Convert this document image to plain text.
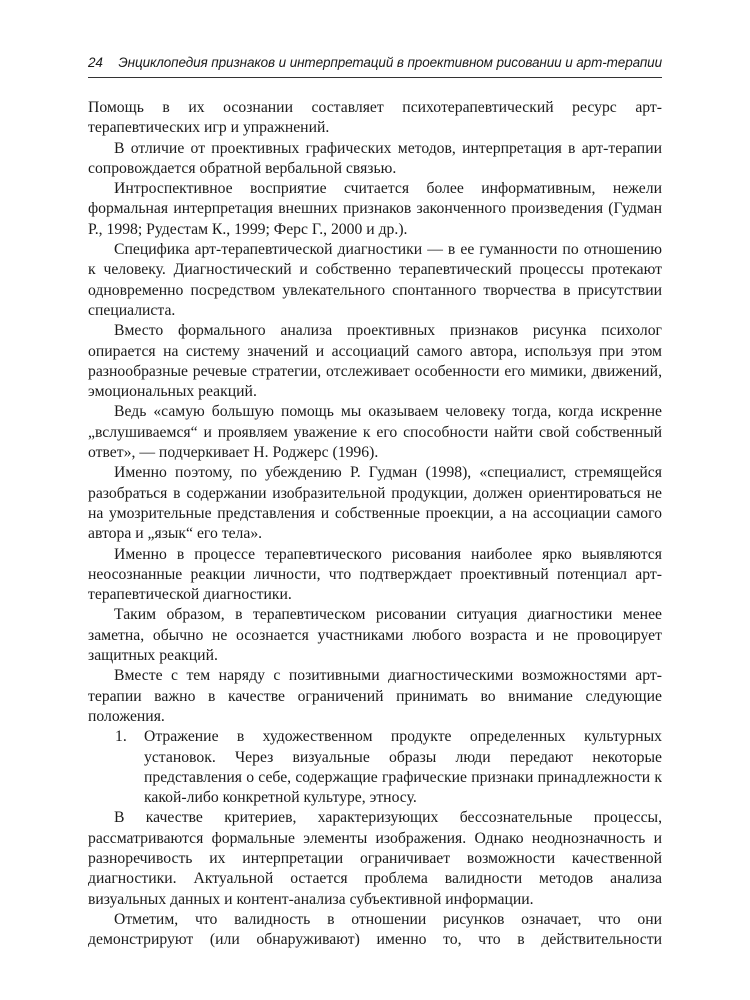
24 Энциклопедия признаков и интерпретаций в проективном рисовании и арт-терапии

Помощь в их осознании составляет психотерапевтический ресурс арт-терапевтических игр и упражнений.

В отличие от проективных графических методов, интерпретация в арт-терапии сопровождается обратной вербальной связью.

Интроспективное восприятие считается более информативным, нежели формальная интерпретация внешних признаков законченного произведения (Гудман Р., 1998; Рудестам К., 1999; Ферс Г., 2000 и др.).

Специфика арт-терапевтической диагностики — в ее гуманности по отношению к человеку. Диагностический и собственно терапевтический процессы протекают одновременно посредством увлекательного спонтанного творчества в присутствии специалиста.

Вместо формального анализа проективных признаков рисунка психолог опирается на систему значений и ассоциаций самого автора, используя при этом разнообразные речевые стратегии, отслеживает особенности его мимики, движений, эмоциональных реакций.

Ведь «самую большую помощь мы оказываем человеку тогда, когда искренне „вслушиваемся“ и проявляем уважение к его способности найти свой собственный ответ», — подчеркивает Н. Роджерс (1996).

Именно поэтому, по убеждению Р. Гудман (1998), «специалист, стремящейся разобраться в содержании изобразительной продукции, должен ориентироваться не на умозрительные представления и собственные проекции, а на ассоциации самого автора и „язык“ его тела».

Именно в процессе терапевтического рисования наиболее ярко выявляются неосознанные реакции личности, что подтверждает проективный потенциал арт-терапевтической диагностики.

Таким образом, в терапевтическом рисовании ситуация диагностики менее заметна, обычно не осознается участниками любого возраста и не провоцирует защитных реакций.

Вместе с тем наряду с позитивными диагностическими возможностями арт-терапии важно в качестве ограничений принимать во внимание следующие положения.

1. Отражение в художественном продукте определенных культурных установок. Через визуальные образы люди передают некоторые представления о себе, содержащие графические признаки принадлежности к какой-либо конкретной культуре, этносу.

В качестве критериев, характеризующих бессознательные процессы, рассматриваются формальные элементы изображения. Однако неоднозначность и разноречивость их интерпретации ограничивает возможности качественной диагностики. Актуальной остается проблема валидности методов анализа визуальных данных и контент-анализа субъективной информации.

Отметим, что валидность в отношении рисунков означает, что они демонстрируют (или обнаруживают) именно то, что в действительности
